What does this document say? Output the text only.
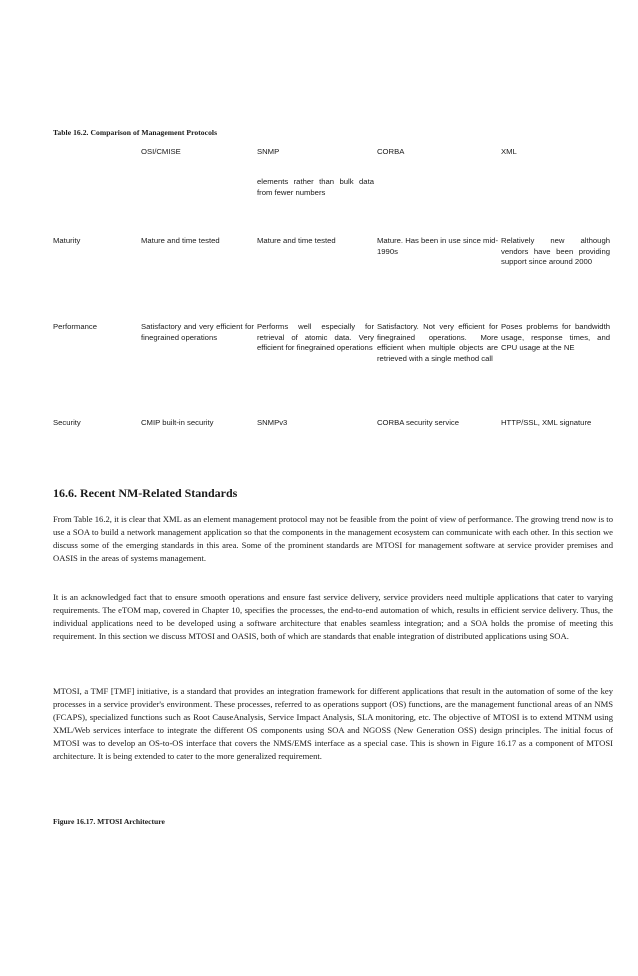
Table 16.2. Comparison of Management Protocols
	OSI/CMISE	SNMP	CORBA	XML
		elements rather than bulk data from fewer numbers		
Maturity	Mature and time tested	Mature and time tested	Mature. Has been in use since mid-1990s	Relatively new although vendors have been providing support since around 2000
Performance	Satisfactory and very efficient for finegrained operations	Performs well especially for retrieval of atomic data. Very efficient for finegrained operations	Satisfactory. Not very efficient for finegrained operations. More efficient when multiple objects are retrieved with a single method call	Poses problems for bandwidth usage, response times, and CPU usage at the NE
Security	CMIP built-in security	SNMPv3	CORBA security service	HTTP/SSL, XML signature
16.6. Recent NM-Related Standards

From Table 16.2, it is clear that XML as an element management protocol may not be feasible from the point of view of performance. The growing trend now is to use a SOA to build a network management application so that the components in the management ecosystem can communicate with each other. In this section we discuss some of the emerging standards in this area. Some of the prominent standards are MTOSI for management software at service provider premises and OASIS in the areas of systems management.

It is an acknowledged fact that to ensure smooth operations and ensure fast service delivery, service providers need multiple applications that cater to varying requirements. The eTOM map, covered in Chapter 10, specifies the processes, the end-to-end automation of which, results in efficient service delivery. Thus, the individual applications need to be developed using a software architecture that enables seamless integration; and a SOA holds the promise of meeting this requirement. In this section we discuss MTOSI and OASIS, both of which are standards that enable integration of distributed applications using SOA.

MTOSI, a TMF [TMF] initiative, is a standard that provides an integration framework for different applications that result in the automation of some of the key processes in a service provider's environment. These processes, referred to as operations support (OS) functions, are the management functional areas of an NMS (FCAPS), specialized functions such as Root CauseAnalysis, Service Impact Analysis, SLA monitoring, etc. The objective of MTOSI is to extend MTNM using XML/Web services interface to integrate the different OS components using SOA and NGOSS (New Generation OSS) design principles. The initial focus of MTOSI was to develop an OS-to-OS interface that covers the NMS/EMS interface as a special case. This is shown in Figure 16.17 as a component of MTOSI architecture. It is being extended to cater to the more generalized requirement.

Figure 16.17. MTOSI Architecture
